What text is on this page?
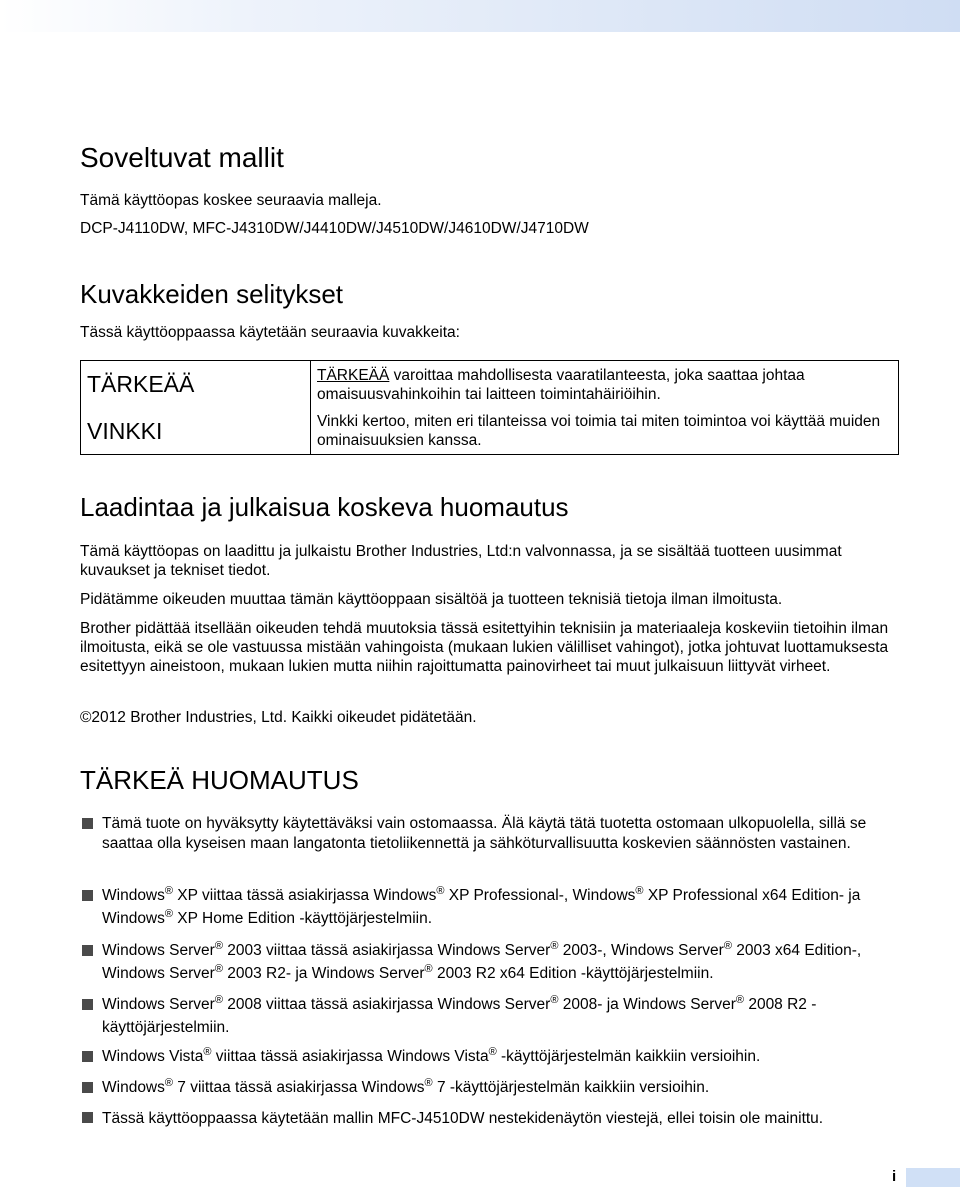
Soveltuvat mallit

Tämä käyttöopas koskee seuraavia malleja.

DCP-J4110DW, MFC-J4310DW/J4410DW/J4510DW/J4610DW/J4710DW

Kuvakkeiden selitykset

Tässä käyttöoppaassa käytetään seuraavia kuvakkeita:

TÄRKEÄÄ	TÄRKEÄÄ varoittaa mahdollisesta vaaratilanteesta, joka saattaa johtaa omaisuusvahinkoihin tai laitteen toimintahäiriöihin.
VINKKI	Vinkki kertoo, miten eri tilanteissa voi toimia tai miten toimintoa voi käyttää muiden ominaisuuksien kanssa.
Laadintaa ja julkaisua koskeva huomautus

Tämä käyttöopas on laadittu ja julkaistu Brother Industries, Ltd:n valvonnassa, ja se sisältää tuotteen uusimmat kuvaukset ja tekniset tiedot.

Pidätämme oikeuden muuttaa tämän käyttöoppaan sisältöä ja tuotteen teknisiä tietoja ilman ilmoitusta.

Brother pidättää itsellään oikeuden tehdä muutoksia tässä esitettyihin teknisiin ja materiaaleja koskeviin tietoihin ilman ilmoitusta, eikä se ole vastuussa mistään vahingoista (mukaan lukien välilliset vahingot), jotka johtuvat luottamuksesta esitettyyn aineistoon, mukaan lukien mutta niihin rajoittumatta painovirheet tai muut julkaisuun liittyvät virheet.

©2012 Brother Industries, Ltd. Kaikki oikeudet pidätetään.

TÄRKEÄ HUOMAUTUS
Tämä tuote on hyväksytty käytettäväksi vain ostomaassa. Älä käytä tätä tuotetta ostomaan ulkopuolella, sillä se saattaa olla kyseisen maan langatonta tietoliikennettä ja sähköturvallisuutta koskevien säännösten vastainen.
Windows® XP viittaa tässä asiakirjassa Windows® XP Professional-, Windows® XP Professional x64 Edition- ja Windows® XP Home Edition -käyttöjärjestelmiin.
Windows Server® 2003 viittaa tässä asiakirjassa Windows Server® 2003-, Windows Server® 2003 x64 Edition-, Windows Server® 2003 R2- ja Windows Server® 2003 R2 x64 Edition -käyttöjärjestelmiin.
Windows Server® 2008 viittaa tässä asiakirjassa Windows Server® 2008- ja Windows Server® 2008 R2 - käyttöjärjestelmiin.
Windows Vista® viittaa tässä asiakirjassa Windows Vista® -käyttöjärjestelmän kaikkiin versioihin.
Windows® 7 viittaa tässä asiakirjassa Windows® 7 -käyttöjärjestelmän kaikkiin versioihin.
Tässä käyttöoppaassa käytetään mallin MFC-J4510DW nestekidenäytön viestejä, ellei toisin ole mainittu.
i
